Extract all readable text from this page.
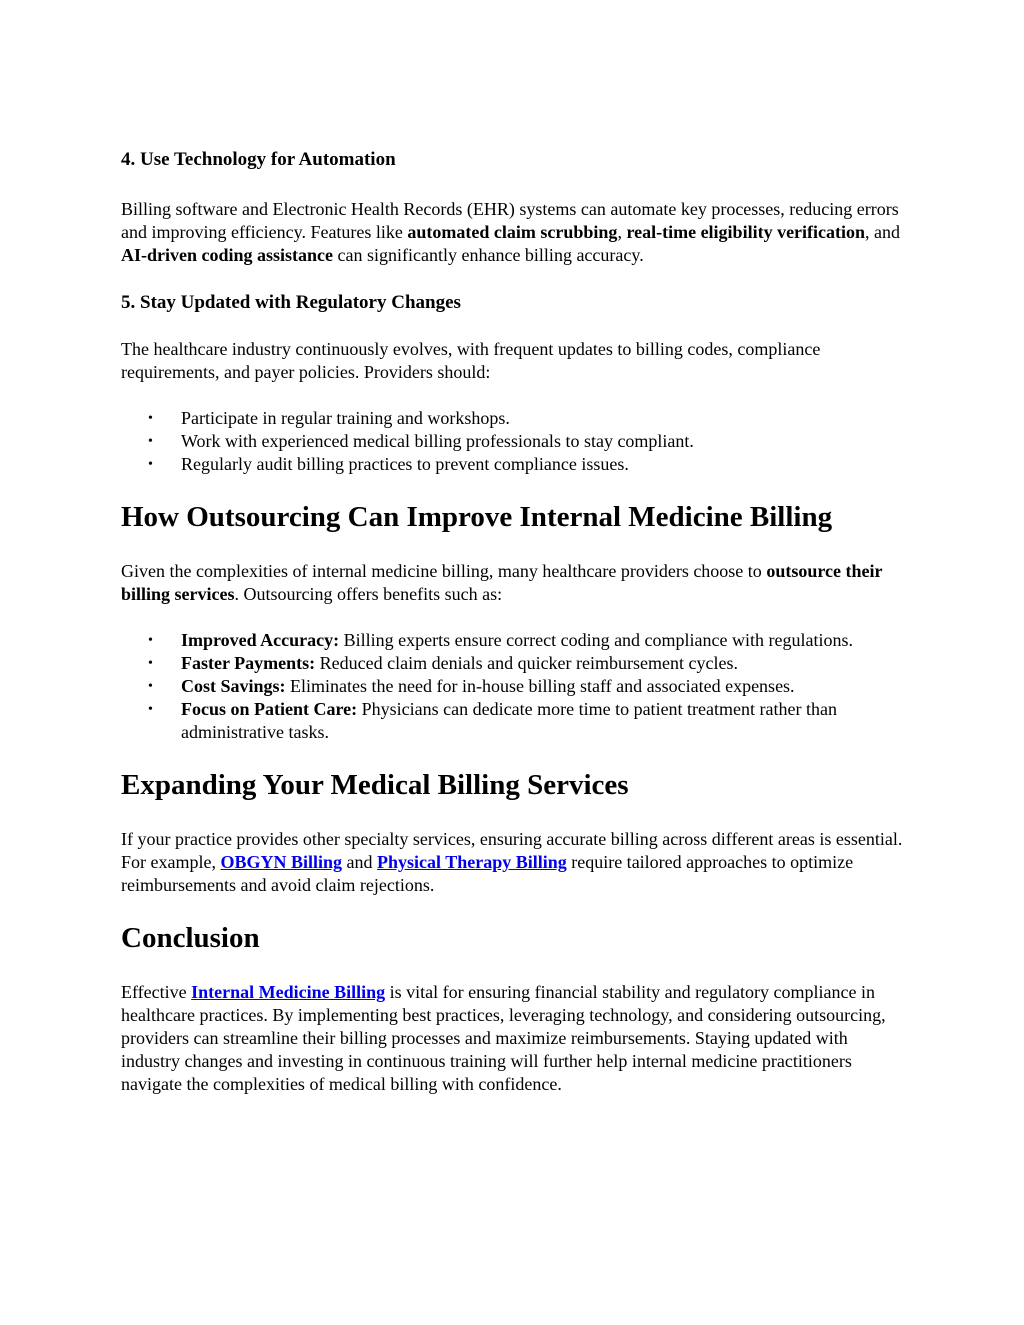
4. Use Technology for Automation

Billing software and Electronic Health Records (EHR) systems can automate key processes, reducing errors and improving efficiency. Features like automated claim scrubbing, real-time eligibility verification, and AI-driven coding assistance can significantly enhance billing accuracy.

5. Stay Updated with Regulatory Changes

The healthcare industry continuously evolves, with frequent updates to billing codes, compliance requirements, and payer policies. Providers should:

• Participate in regular training and workshops.
• Work with experienced medical billing professionals to stay compliant.
• Regularly audit billing practices to prevent compliance issues.
How Outsourcing Can Improve Internal Medicine Billing

Given the complexities of internal medicine billing, many healthcare providers choose to outsource their billing services. Outsourcing offers benefits such as:

• Improved Accuracy: Billing experts ensure correct coding and compliance with regulations.
• Faster Payments: Reduced claim denials and quicker reimbursement cycles.
• Cost Savings: Eliminates the need for in-house billing staff and associated expenses.
• Focus on Patient Care: Physicians can dedicate more time to patient treatment rather than administrative tasks.
Expanding Your Medical Billing Services

If your practice provides other specialty services, ensuring accurate billing across different areas is essential. For example, OBGYN Billing and Physical Therapy Billing require tailored approaches to optimize reimbursements and avoid claim rejections.

Conclusion

Effective Internal Medicine Billing is vital for ensuring financial stability and regulatory compliance in healthcare practices. By implementing best practices, leveraging technology, and considering outsourcing, providers can streamline their billing processes and maximize reimbursements. Staying updated with industry changes and investing in continuous training will further help internal medicine practitioners navigate the complexities of medical billing with confidence.
